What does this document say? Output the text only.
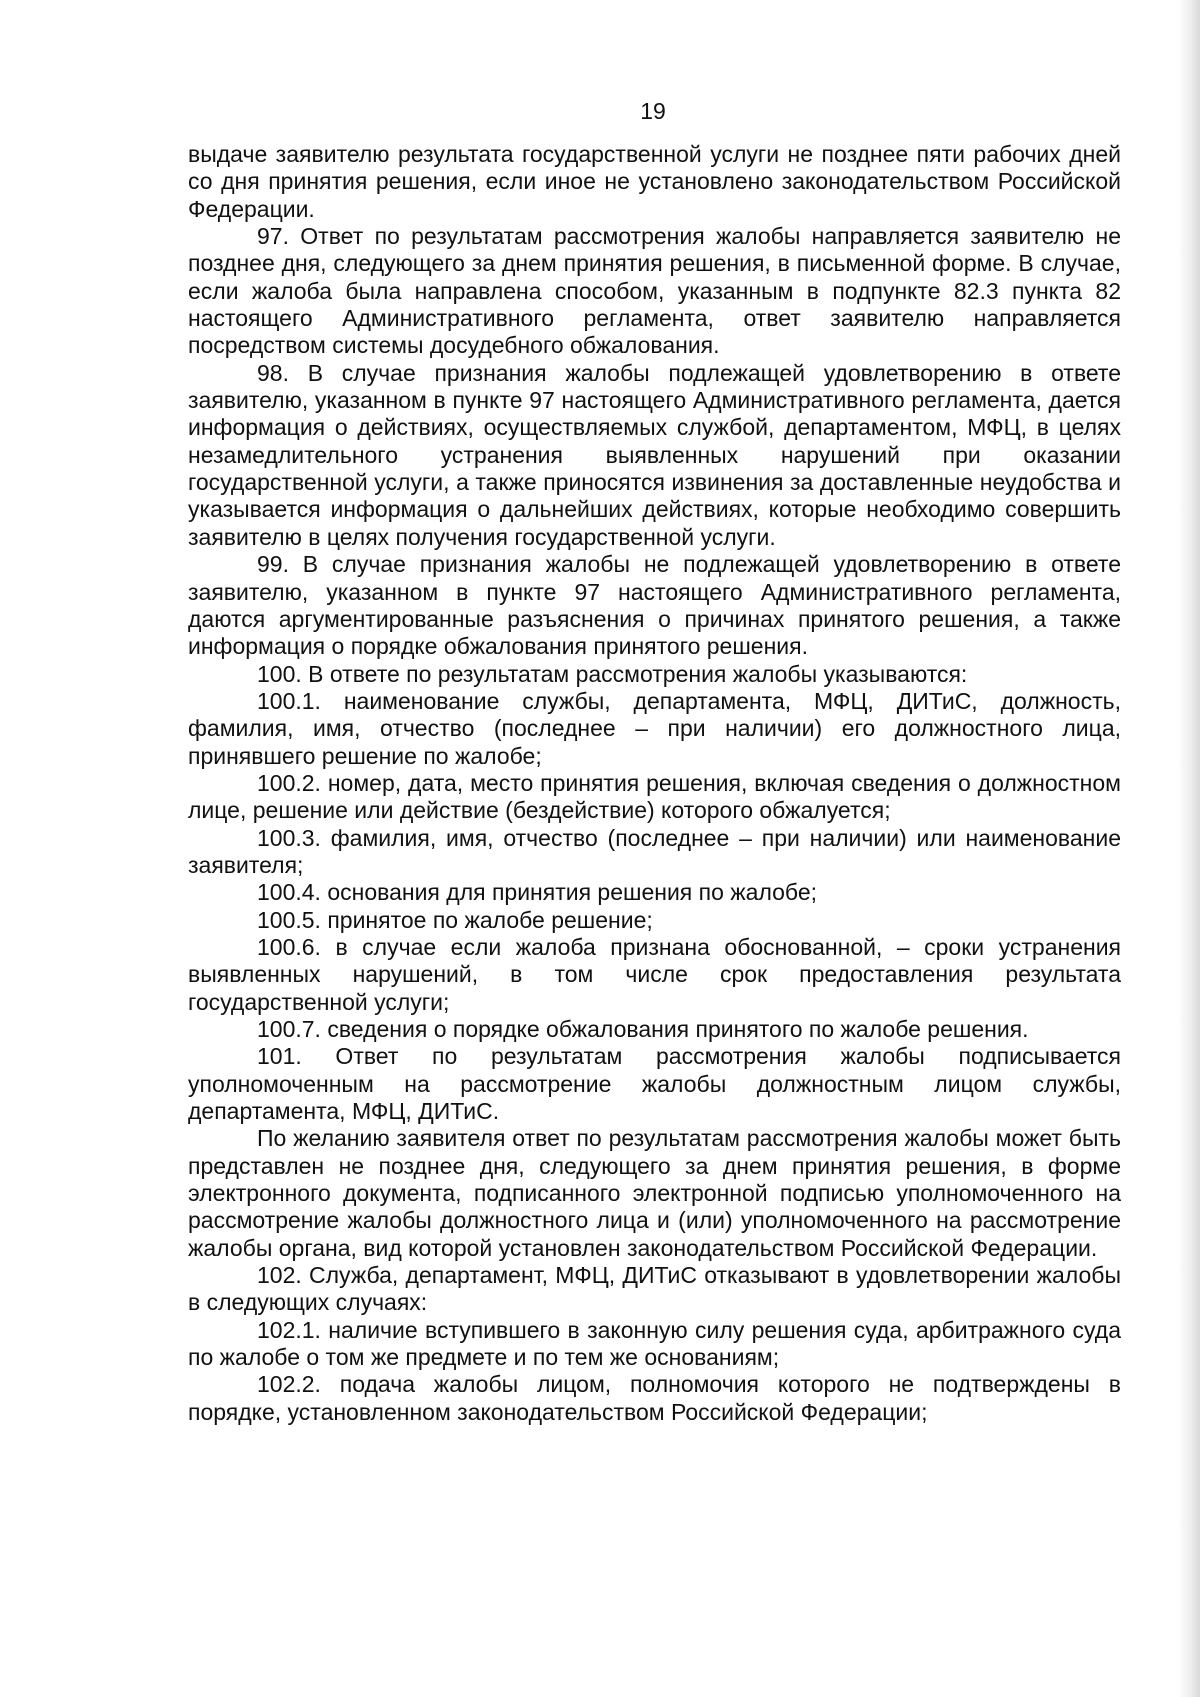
19

выдаче заявителю результата государственной услуги не позднее пяти рабочих дней со дня принятия решения, если иное не установлено законодательством Российской Федерации.

97. Ответ по результатам рассмотрения жалобы направляется заявителю не позднее дня, следующего за днем принятия решения, в письменной форме. В случае, если жалоба была направлена способом, указанным в подпункте 82.3 пункта 82 настоящего Административного регламента, ответ заявителю направляется посредством системы досудебного обжалования.

98. В случае признания жалобы подлежащей удовлетворению в ответе заявителю, указанном в пункте 97 настоящего Административного регламента, дается информация о действиях, осуществляемых службой, департаментом, МФЦ, в целях незамедлительного устранения выявленных нарушений при оказании государственной услуги, а также приносятся извинения за доставленные неудобства и указывается информация о дальнейших действиях, которые необходимо совершить заявителю в целях получения государственной услуги.

99. В случае признания жалобы не подлежащей удовлетворению в ответе заявителю, указанном в пункте 97 настоящего Административного регламента, даются аргументированные разъяснения о причинах принятого решения, а также информация о порядке обжалования принятого решения.

100. В ответе по результатам рассмотрения жалобы указываются:

100.1. наименование службы, департамента, МФЦ, ДИТиС, должность, фамилия, имя, отчество (последнее – при наличии) его должностного лица, принявшего решение по жалобе;

100.2. номер, дата, место принятия решения, включая сведения о должностном лице, решение или действие (бездействие) которого обжалуется;

100.3. фамилия, имя, отчество (последнее – при наличии) или наименование заявителя;

100.4. основания для принятия решения по жалобе;

100.5. принятое по жалобе решение;

100.6. в случае если жалоба признана обоснованной, – сроки устранения выявленных нарушений, в том числе срок предоставления результата государственной услуги;

100.7. сведения о порядке обжалования принятого по жалобе решения.

101. Ответ по результатам рассмотрения жалобы подписывается уполномоченным на рассмотрение жалобы должностным лицом службы, департамента, МФЦ, ДИТиС.

По желанию заявителя ответ по результатам рассмотрения жалобы может быть представлен не позднее дня, следующего за днем принятия решения, в форме электронного документа, подписанного электронной подписью уполномоченного на рассмотрение жалобы должностного лица и (или) уполномоченного на рассмотрение жалобы органа, вид которой установлен законодательством Российской Федерации.

102. Служба, департамент, МФЦ, ДИТиС отказывают в удовлетворении жалобы в следующих случаях:

102.1. наличие вступившего в законную силу решения суда, арбитражного суда по жалобе о том же предмете и по тем же основаниям;

102.2. подача жалобы лицом, полномочия которого не подтверждены в порядке, установленном законодательством Российской Федерации;
